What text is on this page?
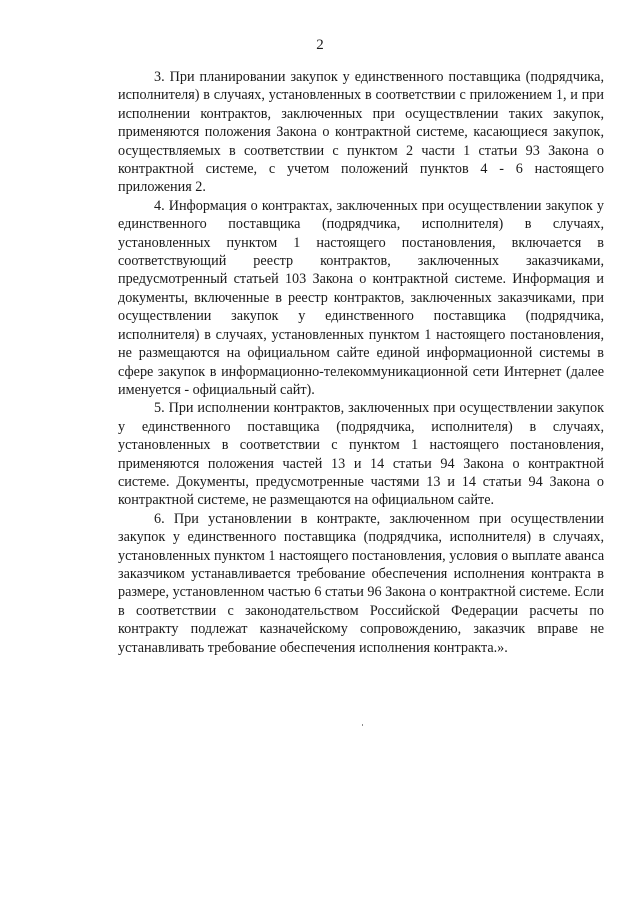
2
3. При планировании закупок у единственного поставщика (подрядчика,
исполнителя) в случаях, установленных в соответствии с приложением 1, и при
исполнении контрактов, заключенных при осуществлении таких закупок,
применяются положения Закона о контрактной системе, касающиеся закупок,
осуществляемых в соответствии с пунктом 2 части 1 статьи 93 Закона о
контрактной системе, с учетом положений пунктов 4 - 6 настоящего
приложения 2.
4. Информация о контрактах, заключенных при осуществлении закупок у
единственного поставщика (подрядчика, исполнителя) в случаях,
установленных пунктом 1 настоящего постановления, включается в
соответствующий реестр контрактов, заключенных заказчиками,
предусмотренный статьей 103 Закона о контрактной системе. Информация и
документы, включенные в реестр контрактов, заключенных заказчиками, при
осуществлении закупок у единственного поставщика (подрядчика,
исполнителя) в случаях, установленных пунктом 1 настоящего постановления,
не размещаются на официальном сайте единой информационной системы в
сфере закупок в информационно-телекоммуникационной сети Интернет (далее
именуется - официальный сайт).
5. При исполнении контрактов, заключенных при осуществлении закупок
у единственного поставщика (подрядчика, исполнителя) в случаях,
установленных в соответствии с пунктом 1 настоящего постановления,
применяются положения частей 13 и 14 статьи 94 Закона о контрактной
системе. Документы, предусмотренные частями 13 и 14 статьи 94 Закона о
контрактной системе, не размещаются на официальном сайте.
6. При установлении в контракте, заключенном при осуществлении
закупок у единственного поставщика (подрядчика, исполнителя) в случаях,
установленных пунктом 1 настоящего постановления, условия о выплате аванса
заказчиком устанавливается требование обеспечения исполнения контракта в
размере, установленном частью 6 статьи 96 Закона о контрактной системе. Если
в соответствии с законодательством Российской Федерации расчеты по
контракту подлежат казначейскому сопровождению, заказчик вправе не
устанавливать требование обеспечения исполнения контракта.».
